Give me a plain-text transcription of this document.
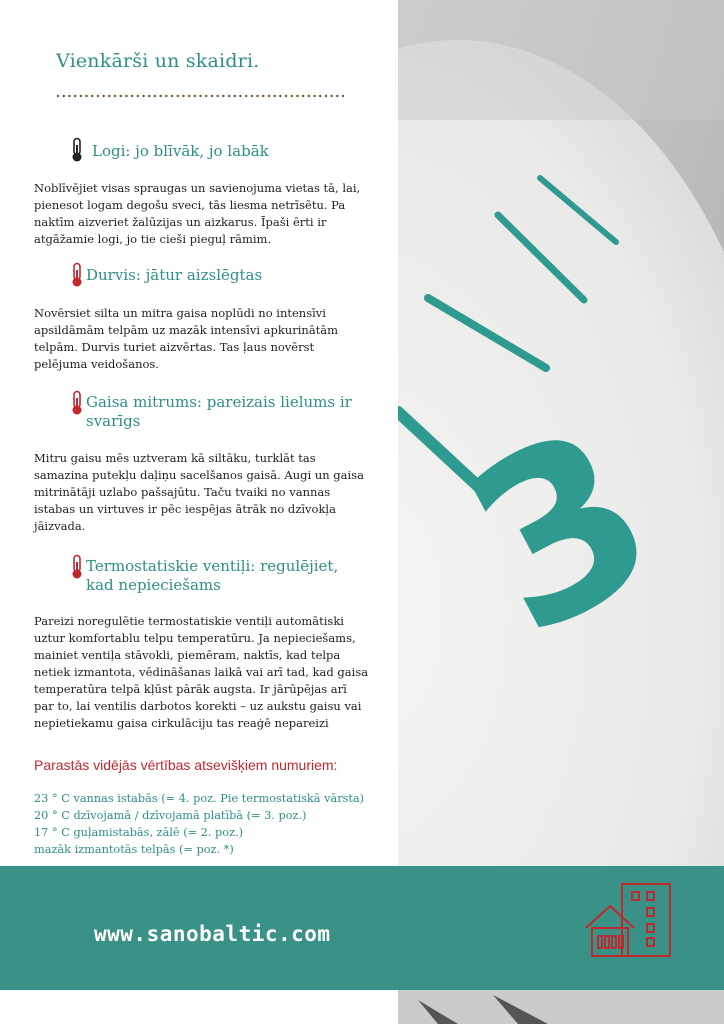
3
Vienkārši un skaidri.
Logi: jo blīvāk, jo labāk
Noblīvējiet visas spraugas un savienojuma vietas tā, lai, pienesot logam degošu sveci, tās liesma netrīsētu. Pa naktīm aizveriet žalūzijas un aizkarus. Īpaši ērti ir atgāžamie logi, jo tie cieši pieguļ rāmim.
Durvis: jātur aizslēgtas
Novērsiet silta un mitra gaisa noplūdi no intensīvi apsildāmām telpām uz mazāk intensīvi apkurinātām telpām. Durvis turiet aizvērtas. Tas ļaus novērst pelējuma veidošanos.
Gaisa mitrums: pareizais lielums ir svarīgs
Mitru gaisu mēs uztveram kā siltāku, turklāt tas samazina putekļu daļiņu sacelšanos gaisā. Augi un gaisa mitrinātāji uzlabo pašsajūtu. Taču tvaiki no vannas istabas un virtuves ir pēc iespējas ātrāk no dzīvokļa jāizvada.
Termostatiskie ventiļi: regulējiet, kad nepieciešams
Pareizi noregulētie termostatiskie ventiļi automātiski uztur komfortablu telpu temperatūru. Ja nepieciešams, mainiet ventiļa stāvokli, piemēram, naktīs, kad telpa netiek izmantota, vēdināšanas laikā vai arī tad, kad gaisa temperatūra telpā kļūst pārāk augsta. Ir jārūpējas arī par to, lai ventilis darbotos korekti – uz aukstu gaisu vai nepietiekamu gaisa cirkulāciju tas reaģē nepareizi
Parastās vidējās vērtības atsevišķiem numuriem:
23 ° C vannas istabās (= 4. poz. Pie termostatiskā vārsta)
20 ° C dzīvojamā / dzīvojamā platībā (= 3. poz.)
17 ° C guļamistabās, zālē (= 2. poz.)
mazāk izmantotās telpās (= poz. *)
www.sanobaltic.com
